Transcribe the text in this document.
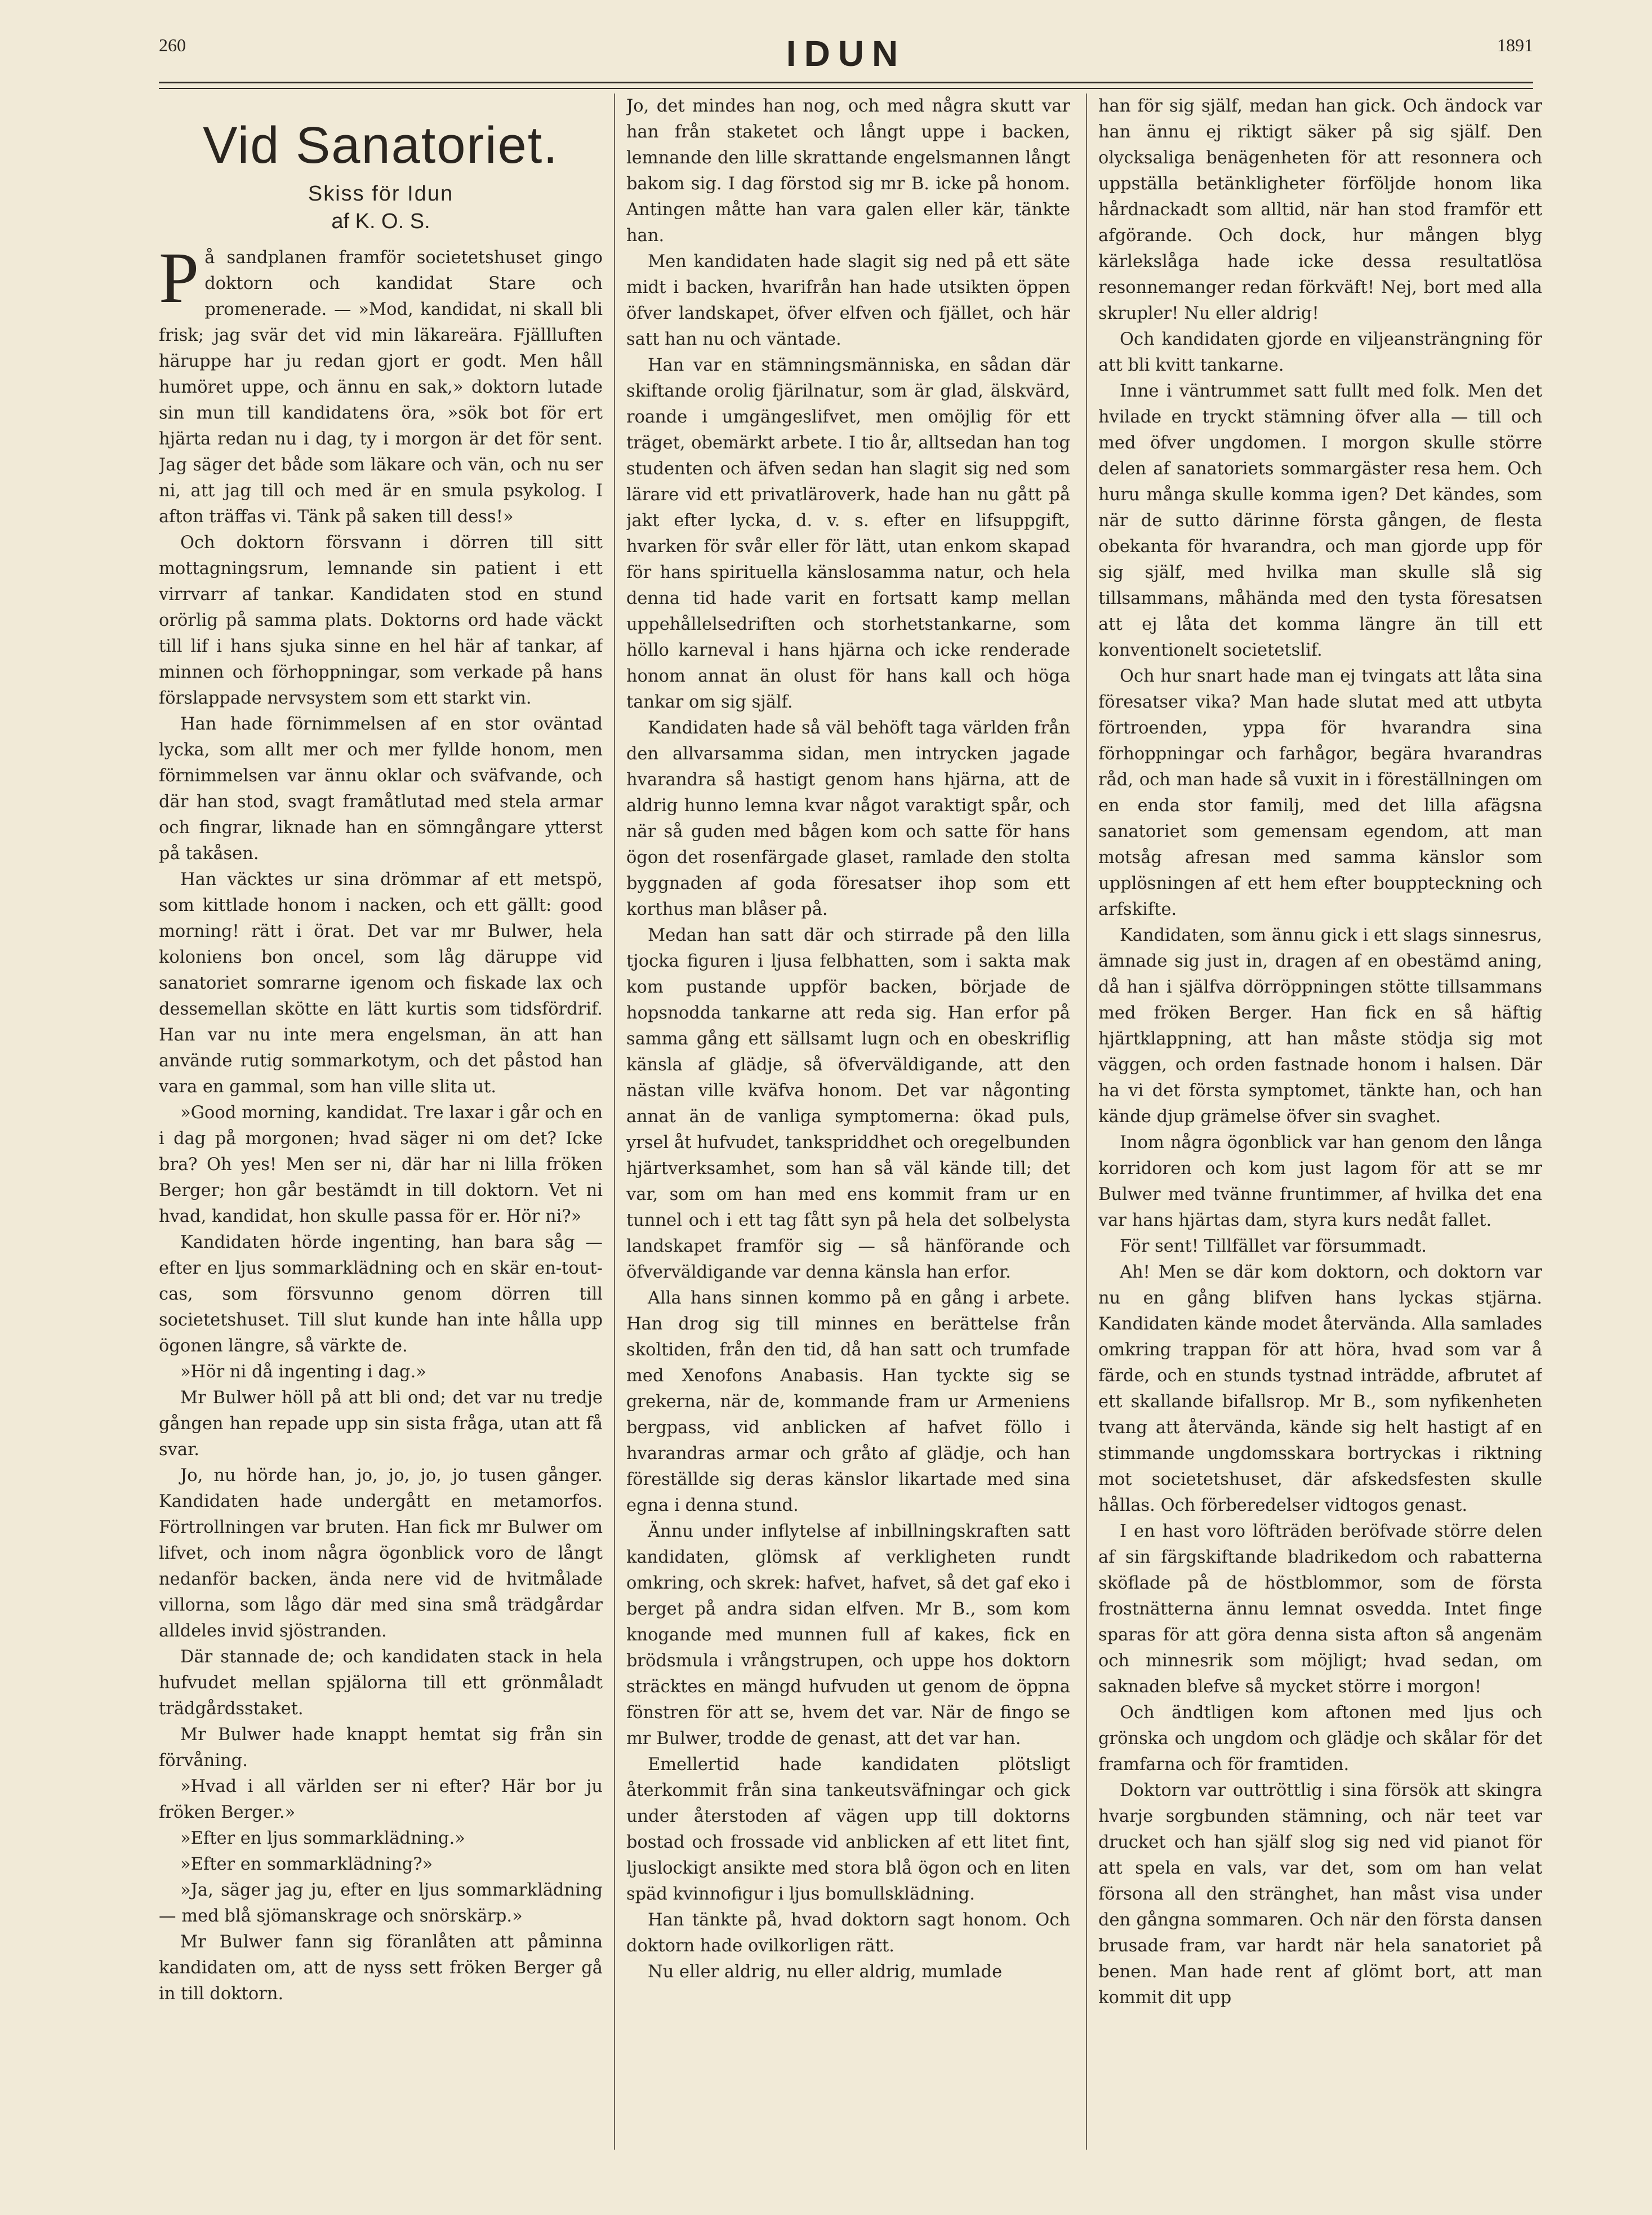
260	IDUN	1891
Vid Sanatoriet.
Skiss för Idun
af K. O. S.

På sandplanen framför societetshuset gingo doktorn och kandidat Stare och promenerade. — »Mod, kandidat, ni skall bli frisk; jag svär det vid min läkareära. Fjällluften häruppe har ju redan gjort er godt. Men håll humöret uppe, och ännu en sak,» doktorn lutade sin mun till kandidatens öra, »sök bot för ert hjärta redan nu i dag, ty i morgon är det för sent. Jag säger det både som läkare och vän, och nu ser ni, att jag till och med är en smula psykolog. I afton träffas vi. Tänk på saken till dess!»

Och doktorn försvann i dörren till sitt mottagningsrum, lemnande sin patient i ett virrvarr af tankar. Kandidaten stod en stund orörlig på samma plats. Doktorns ord hade väckt till lif i hans sjuka sinne en hel här af tankar, af minnen och förhoppningar, som verkade på hans förslappade nervsystem som ett starkt vin.

Han hade förnimmelsen af en stor oväntad lycka, som allt mer och mer fyllde honom, men förnimmelsen var ännu oklar och sväfvande, och där han stod, svagt framåtlutad med stela armar och fingrar, liknade han en sömngångare ytterst på takåsen.

Han väcktes ur sina drömmar af ett metspö, som kittlade honom i nacken, och ett gällt: good morning! rätt i örat. Det var mr Bulwer, hela koloniens bon oncel, som låg däruppe vid sanatoriet somrarne igenom och fiskade lax och dessemellan skötte en lätt kurtis som tidsfördrif. Han var nu inte mera engelsman, än att han använde rutig sommarkotym, och det påstod han vara en gammal, som han ville slita ut.

»Good morning, kandidat. Tre laxar i går och en i dag på morgonen; hvad säger ni om det? Icke bra? Oh yes! Men ser ni, där har ni lilla fröken Berger; hon går bestämdt in till doktorn. Vet ni hvad, kandidat, hon skulle passa för er. Hör ni?»

Kandidaten hörde ingenting, han bara såg — efter en ljus sommarklädning och en skär en-tout-cas, som försvunno genom dörren till societetshuset. Till slut kunde han inte hålla upp ögonen längre, så värkte de.

»Hör ni då ingenting i dag.»

Mr Bulwer höll på att bli ond; det var nu tredje gången han repade upp sin sista fråga, utan att få svar.

Jo, nu hörde han, jo, jo, jo, jo tusen gånger. Kandidaten hade undergått en metamorfos. Förtrollningen var bruten. Han fick mr Bulwer om lifvet, och inom några ögonblick voro de långt nedanför backen, ända nere vid de hvitmålade villorna, som lågo där med sina små trädgårdar alldeles invid sjöstranden.

Där stannade de; och kandidaten stack in hela hufvudet mellan spjälorna till ett grönmåladt trädgårdsstaket.

Mr Bulwer hade knappt hemtat sig från sin förvåning.

»Hvad i all världen ser ni efter? Här bor ju fröken Berger.»

»Efter en ljus sommarklädning.»

»Efter en sommarklädning?»

»Ja, säger jag ju, efter en ljus sommarklädning — med blå sjömanskrage och snörskärp.»

Mr Bulwer fann sig föranlåten att påminna kandidaten om, att de nyss sett fröken Berger gå in till doktorn.

Jo, det mindes han nog, och med några skutt var han från staketet och långt uppe i backen, lemnande den lille skrattande engelsmannen långt bakom sig. I dag förstod sig mr B. icke på honom. Antingen måtte han vara galen eller kär, tänkte han.

Men kandidaten hade slagit sig ned på ett säte midt i backen, hvarifrån han hade utsikten öppen öfver landskapet, öfver elfven och fjället, och här satt han nu och väntade.

Han var en stämningsmänniska, en sådan där skiftande orolig fjärilnatur, som är glad, älskvärd, roande i umgängeslifvet, men omöjlig för ett träget, obemärkt arbete. I tio år, alltsedan han tog studenten och äfven sedan han slagit sig ned som lärare vid ett privatläroverk, hade han nu gått på jakt efter lycka, d. v. s. efter en lifsuppgift, hvarken för svår eller för lätt, utan enkom skapad för hans spirituella känslosamma natur, och hela denna tid hade varit en fortsatt kamp mellan uppehållelsedriften och storhetstankarne, som höllo karneval i hans hjärna och icke renderade honom annat än olust för hans kall och höga tankar om sig själf.

Kandidaten hade så väl behöft taga världen från den allvarsamma sidan, men intrycken jagade hvarandra så hastigt genom hans hjärna, att de aldrig hunno lemna kvar något varaktigt spår, och när så guden med bågen kom och satte för hans ögon det rosenfärgade glaset, ramlade den stolta byggnaden af goda föresatser ihop som ett korthus man blåser på.

Medan han satt där och stirrade på den lilla tjocka figuren i ljusa felbhatten, som i sakta mak kom pustande uppför backen, började de hopsnodda tankarne att reda sig. Han erfor på samma gång ett sällsamt lugn och en obeskriflig känsla af glädje, så öfverväldigande, att den nästan ville kväfva honom. Det var någonting annat än de vanliga symptomerna: ökad puls, yrsel åt hufvudet, tankspriddhet och oregelbunden hjärtverksamhet, som han så väl kände till; det var, som om han med ens kommit fram ur en tunnel och i ett tag fått syn på hela det solbelysta landskapet framför sig — så hänförande och öfverväldigande var denna känsla han erfor.

Alla hans sinnen kommo på en gång i arbete. Han drog sig till minnes en berättelse från skoltiden, från den tid, då han satt och trumfade med Xenofons Anabasis. Han tyckte sig se grekerna, när de, kommande fram ur Armeniens bergpass, vid anblicken af hafvet föllo i hvarandras armar och gråto af glädje, och han föreställde sig deras känslor likartade med sina egna i denna stund.

Ännu under inflytelse af inbillningskraften satt kandidaten, glömsk af verkligheten rundt omkring, och skrek: hafvet, hafvet, så det gaf eko i berget på andra sidan elfven. Mr B., som kom knogande med munnen full af kakes, fick en brödsmula i vrångstrupen, och uppe hos doktorn sträcktes en mängd hufvuden ut genom de öppna fönstren för att se, hvem det var. När de fingo se mr Bulwer, trodde de genast, att det var han.

Emellertid hade kandidaten plötsligt återkommit från sina tankeutsväfningar och gick under återstoden af vägen upp till doktorns bostad och frossade vid anblicken af ett litet fint, ljuslockigt ansikte med stora blå ögon och en liten späd kvinnofigur i ljus bomullsklädning.

Han tänkte på, hvad doktorn sagt honom. Och doktorn hade ovilkorligen rätt.

Nu eller aldrig, nu eller aldrig, mumlade

han för sig själf, medan han gick. Och ändock var han ännu ej riktigt säker på sig själf. Den olycksaliga benägenheten för att resonnera och uppställa betänkligheter förföljde honom lika hårdnackadt som alltid, när han stod framför ett afgörande. Och dock, hur mången blyg kärlekslåga hade icke dessa resultatlösa resonnemanger redan förkväft! Nej, bort med alla skrupler! Nu eller aldrig!

Och kandidaten gjorde en viljeansträngning för att bli kvitt tankarne.

Inne i väntrummet satt fullt med folk. Men det hvilade en tryckt stämning öfver alla — till och med öfver ungdomen. I morgon skulle större delen af sanatoriets sommargäster resa hem. Och huru många skulle komma igen? Det kändes, som när de sutto därinne första gången, de flesta obekanta för hvarandra, och man gjorde upp för sig själf, med hvilka man skulle slå sig tillsammans, måhända med den tysta föresatsen att ej låta det komma längre än till ett konventionelt societetslif.

Och hur snart hade man ej tvingats att låta sina föresatser vika? Man hade slutat med att utbyta förtroenden, yppa för hvarandra sina förhoppningar och farhågor, begära hvarandras råd, och man hade så vuxit in i föreställningen om en enda stor familj, med det lilla afägsna sanatoriet som gemensam egendom, att man motsåg afresan med samma känslor som upplösningen af ett hem efter bouppteckning och arfskifte.

Kandidaten, som ännu gick i ett slags sinnesrus, ämnade sig just in, dragen af en obestämd aning, då han i själfva dörröppningen stötte tillsammans med fröken Berger. Han fick en så häftig hjärtklappning, att han måste stödja sig mot väggen, och orden fastnade honom i halsen. Där ha vi det första symptomet, tänkte han, och han kände djup grämelse öfver sin svaghet.

Inom några ögonblick var han genom den långa korridoren och kom just lagom för att se mr Bulwer med tvänne fruntimmer, af hvilka det ena var hans hjärtas dam, styra kurs nedåt fallet.

För sent! Tillfället var försummadt.

Ah! Men se där kom doktorn, och doktorn var nu en gång blifven hans lyckas stjärna. Kandidaten kände modet återvända. Alla samlades omkring trappan för att höra, hvad som var å färde, och en stunds tystnad inträdde, afbrutet af ett skallande bifallsrop. Mr B., som nyfikenheten tvang att återvända, kände sig helt hastigt af en stimmande ungdomsskara bortryckas i riktning mot societetshuset, där afskedsfesten skulle hållas. Och förberedelser vidtogos genast.

I en hast voro löfträden beröfvade större delen af sin färgskiftande bladrikedom och rabatterna sköflade på de höstblommor, som de första frostnätterna ännu lemnat osvedda. Intet finge sparas för att göra denna sista afton så angenäm och minnesrik som möjligt; hvad sedan, om saknaden blefve så mycket större i morgon!

Och ändtligen kom aftonen med ljus och grönska och ungdom och glädje och skålar för det framfarna och för framtiden.

Doktorn var outtröttlig i sina försök att skingra hvarje sorgbunden stämning, och när teet var drucket och han själf slog sig ned vid pianot för att spela en vals, var det, som om han velat försona all den stränghet, han måst visa under den gångna sommaren. Och när den första dansen brusade fram, var hardt när hela sanatoriet på benen. Man hade rent af glömt bort, att man kommit dit upp
